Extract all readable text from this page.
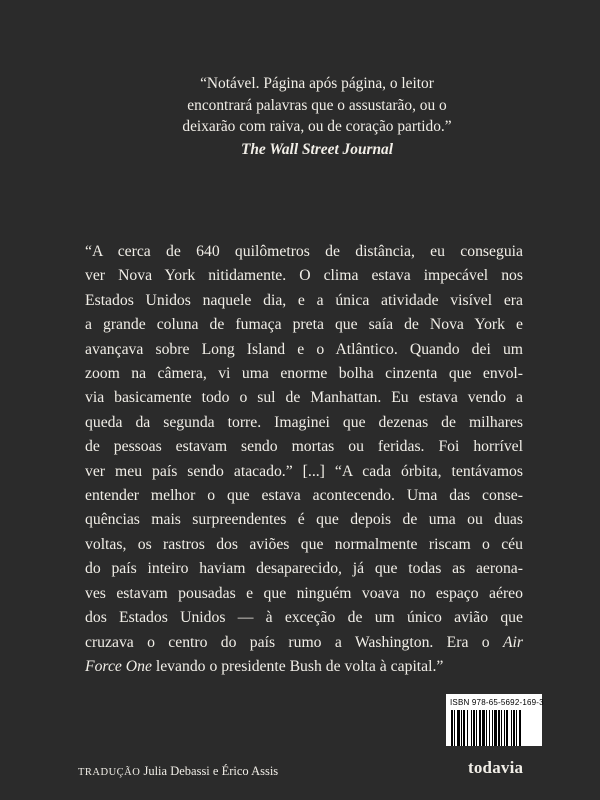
“Notável. Página após página, o leitor
encontrará palavras que o assustarão, ou o
deixarão com raiva, ou de coração partido.”

The Wall Street Journal

“A cerca de 640 quilômetros de distância, eu conseguia
ver Nova York nitidamente. O clima estava impecável nos
Estados Unidos naquele dia, e a única atividade visível era
a grande coluna de fumaça preta que saía de Nova York e
avançava sobre Long Island e o Atlântico. Quando dei um
zoom na câmera, vi uma enorme bolha cinzenta que envol-
via basicamente todo o sul de Manhattan. Eu estava vendo a
queda da segunda torre. Imaginei que dezenas de milhares
de pessoas estavam sendo mortas ou feridas. Foi horrível
ver meu país sendo atacado.” [...] “A cada órbita, tentávamos
entender melhor o que estava acontecendo. Uma das conse-
quências mais surpreendentes é que depois de uma ou duas
voltas, os rastros dos aviões que normalmente riscam o céu
do país inteiro haviam desaparecido, já que todas as aerona-
ves estavam pousadas e que ninguém voava no espaço aéreo
dos Estados Unidos — à exceção de um único avião que
cruzava o centro do país rumo a Washington. Era o Air
Force One levando o presidente Bush de volta à capital.”
ISBN 978-65-5692-169-3
TRADUÇÃO Julia Debassi e Érico Assis	todavia
